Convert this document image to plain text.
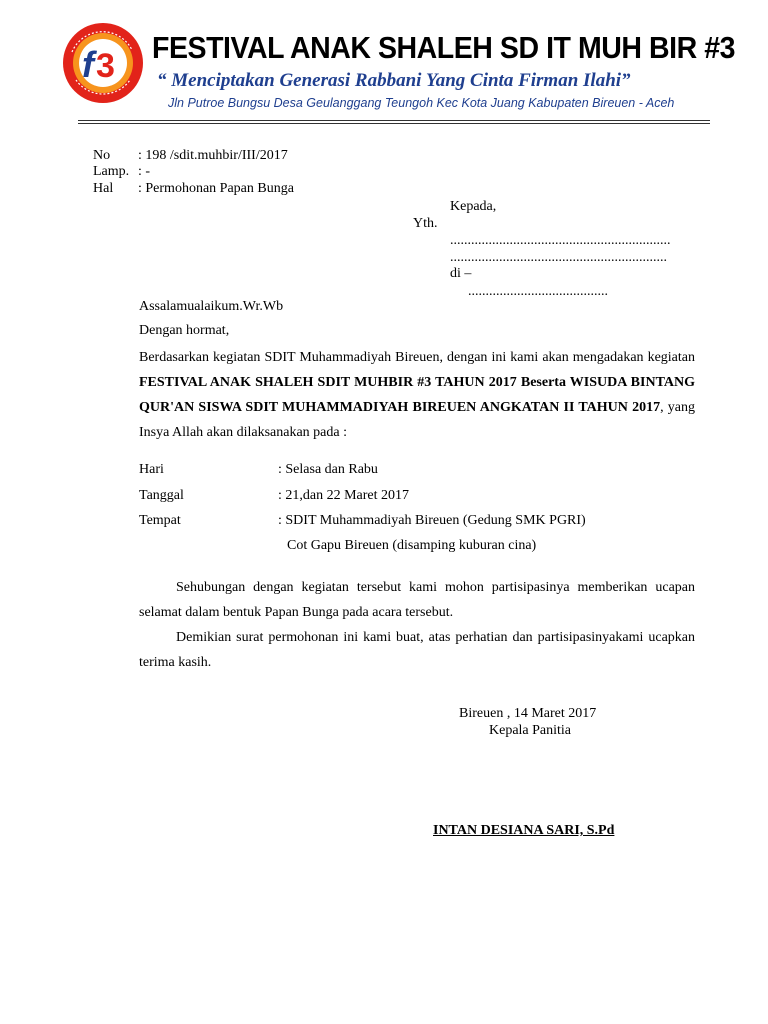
f 3 FESTIVAL ANAK SHALEH SD IT MUH BIR #3
“ Menciptakan Generasi Rabbani Yang Cinta Firman Ilahi”
Jln Putroe Bungsu Desa Geulanggang Teungoh Kec Kota Juang Kabupaten Bireuen - Aceh
No : 198 /sdit.muhbir/III/2017
Lamp. : -
Hal : Permohonan Papan Bunga
Kepada,
Yth.
...............................................................
..............................................................
di –
........................................
Assalamualaikum.Wr.Wb
Dengan hormat,
Berdasarkan kegiatan SDIT Muhammadiyah Bireuen, dengan ini kami akan mengadakan kegiatan FESTIVAL ANAK SHALEH SDIT MUHBIR #3 TAHUN 2017 Beserta WISUDA BINTANG QUR'AN SISWA SDIT MUHAMMADIYAH BIREUEN ANGKATAN II TAHUN 2017, yang Insya Allah akan dilaksanakan pada :
Hari	: Selasa dan Rabu
Tanggal	: 21,dan 22 Maret 2017
Tempat	: SDIT Muhammadiyah Bireuen (Gedung SMK PGRI)
Cot Gapu Bireuen (disamping kuburan cina)
Sehubungan dengan kegiatan tersebut kami mohon partisipasinya memberikan ucapan selamat dalam bentuk Papan Bunga pada acara tersebut.
Demikian surat permohonan ini kami buat, atas perhatian dan partisipasinyakami ucapkan terima kasih.
Bireuen , 14 Maret 2017
Kepala Panitia
INTAN DESIANA SARI, S.Pd
